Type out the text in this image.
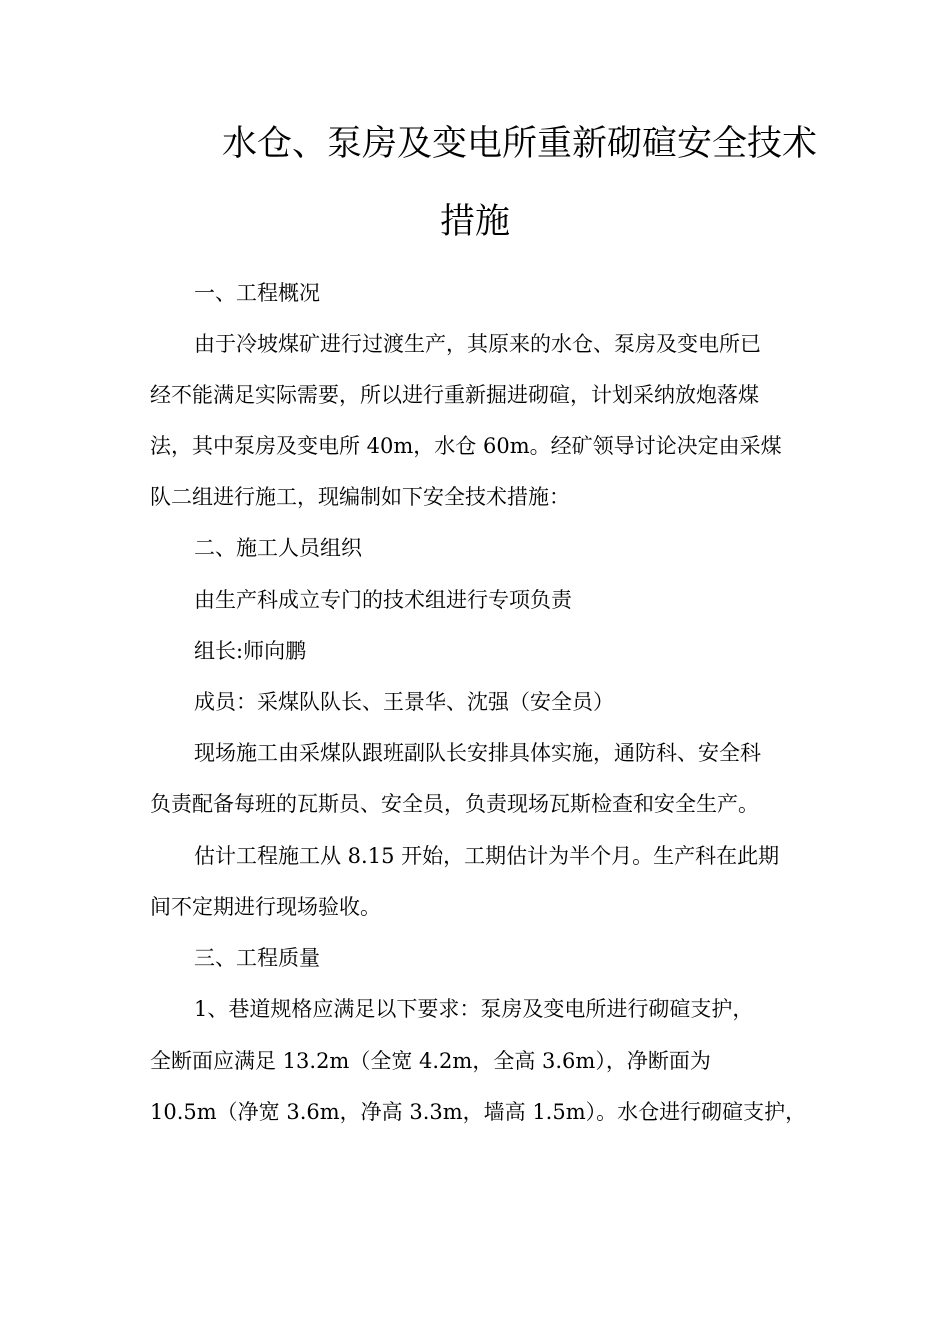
水仓、泵房及变电所重新砌碹安全技术
措施
一、工程概况
由于冷坡煤矿进行过渡生产，其原来的水仓、泵房及变电所已
经不能满足实际需要，所以进行重新掘进砌碹，计划采纳放炮落煤
法，其中泵房及变电所 40m，水仓 60m。经矿领导讨论决定由采煤
队二组进行施工，现编制如下安全技术措施：
二、施工人员组织
由生产科成立专门的技术组进行专项负责
组长:师向鹏
成员：采煤队队长、王景华、沈强（安全员）
现场施工由采煤队跟班副队长安排具体实施，通防科、安全科
负责配备每班的瓦斯员、安全员，负责现场瓦斯检查和安全生产。
估计工程施工从 8.15 开始，工期估计为半个月。生产科在此期
间不定期进行现场验收。
三、工程质量
1、巷道规格应满足以下要求：泵房及变电所进行砌碹支护，
全断面应满足 13.2m（全宽 4.2m，全高 3.6m），净断面为
10.5m（净宽 3.6m，净高 3.3m，墙高 1.5m）。水仓进行砌碹支护，
